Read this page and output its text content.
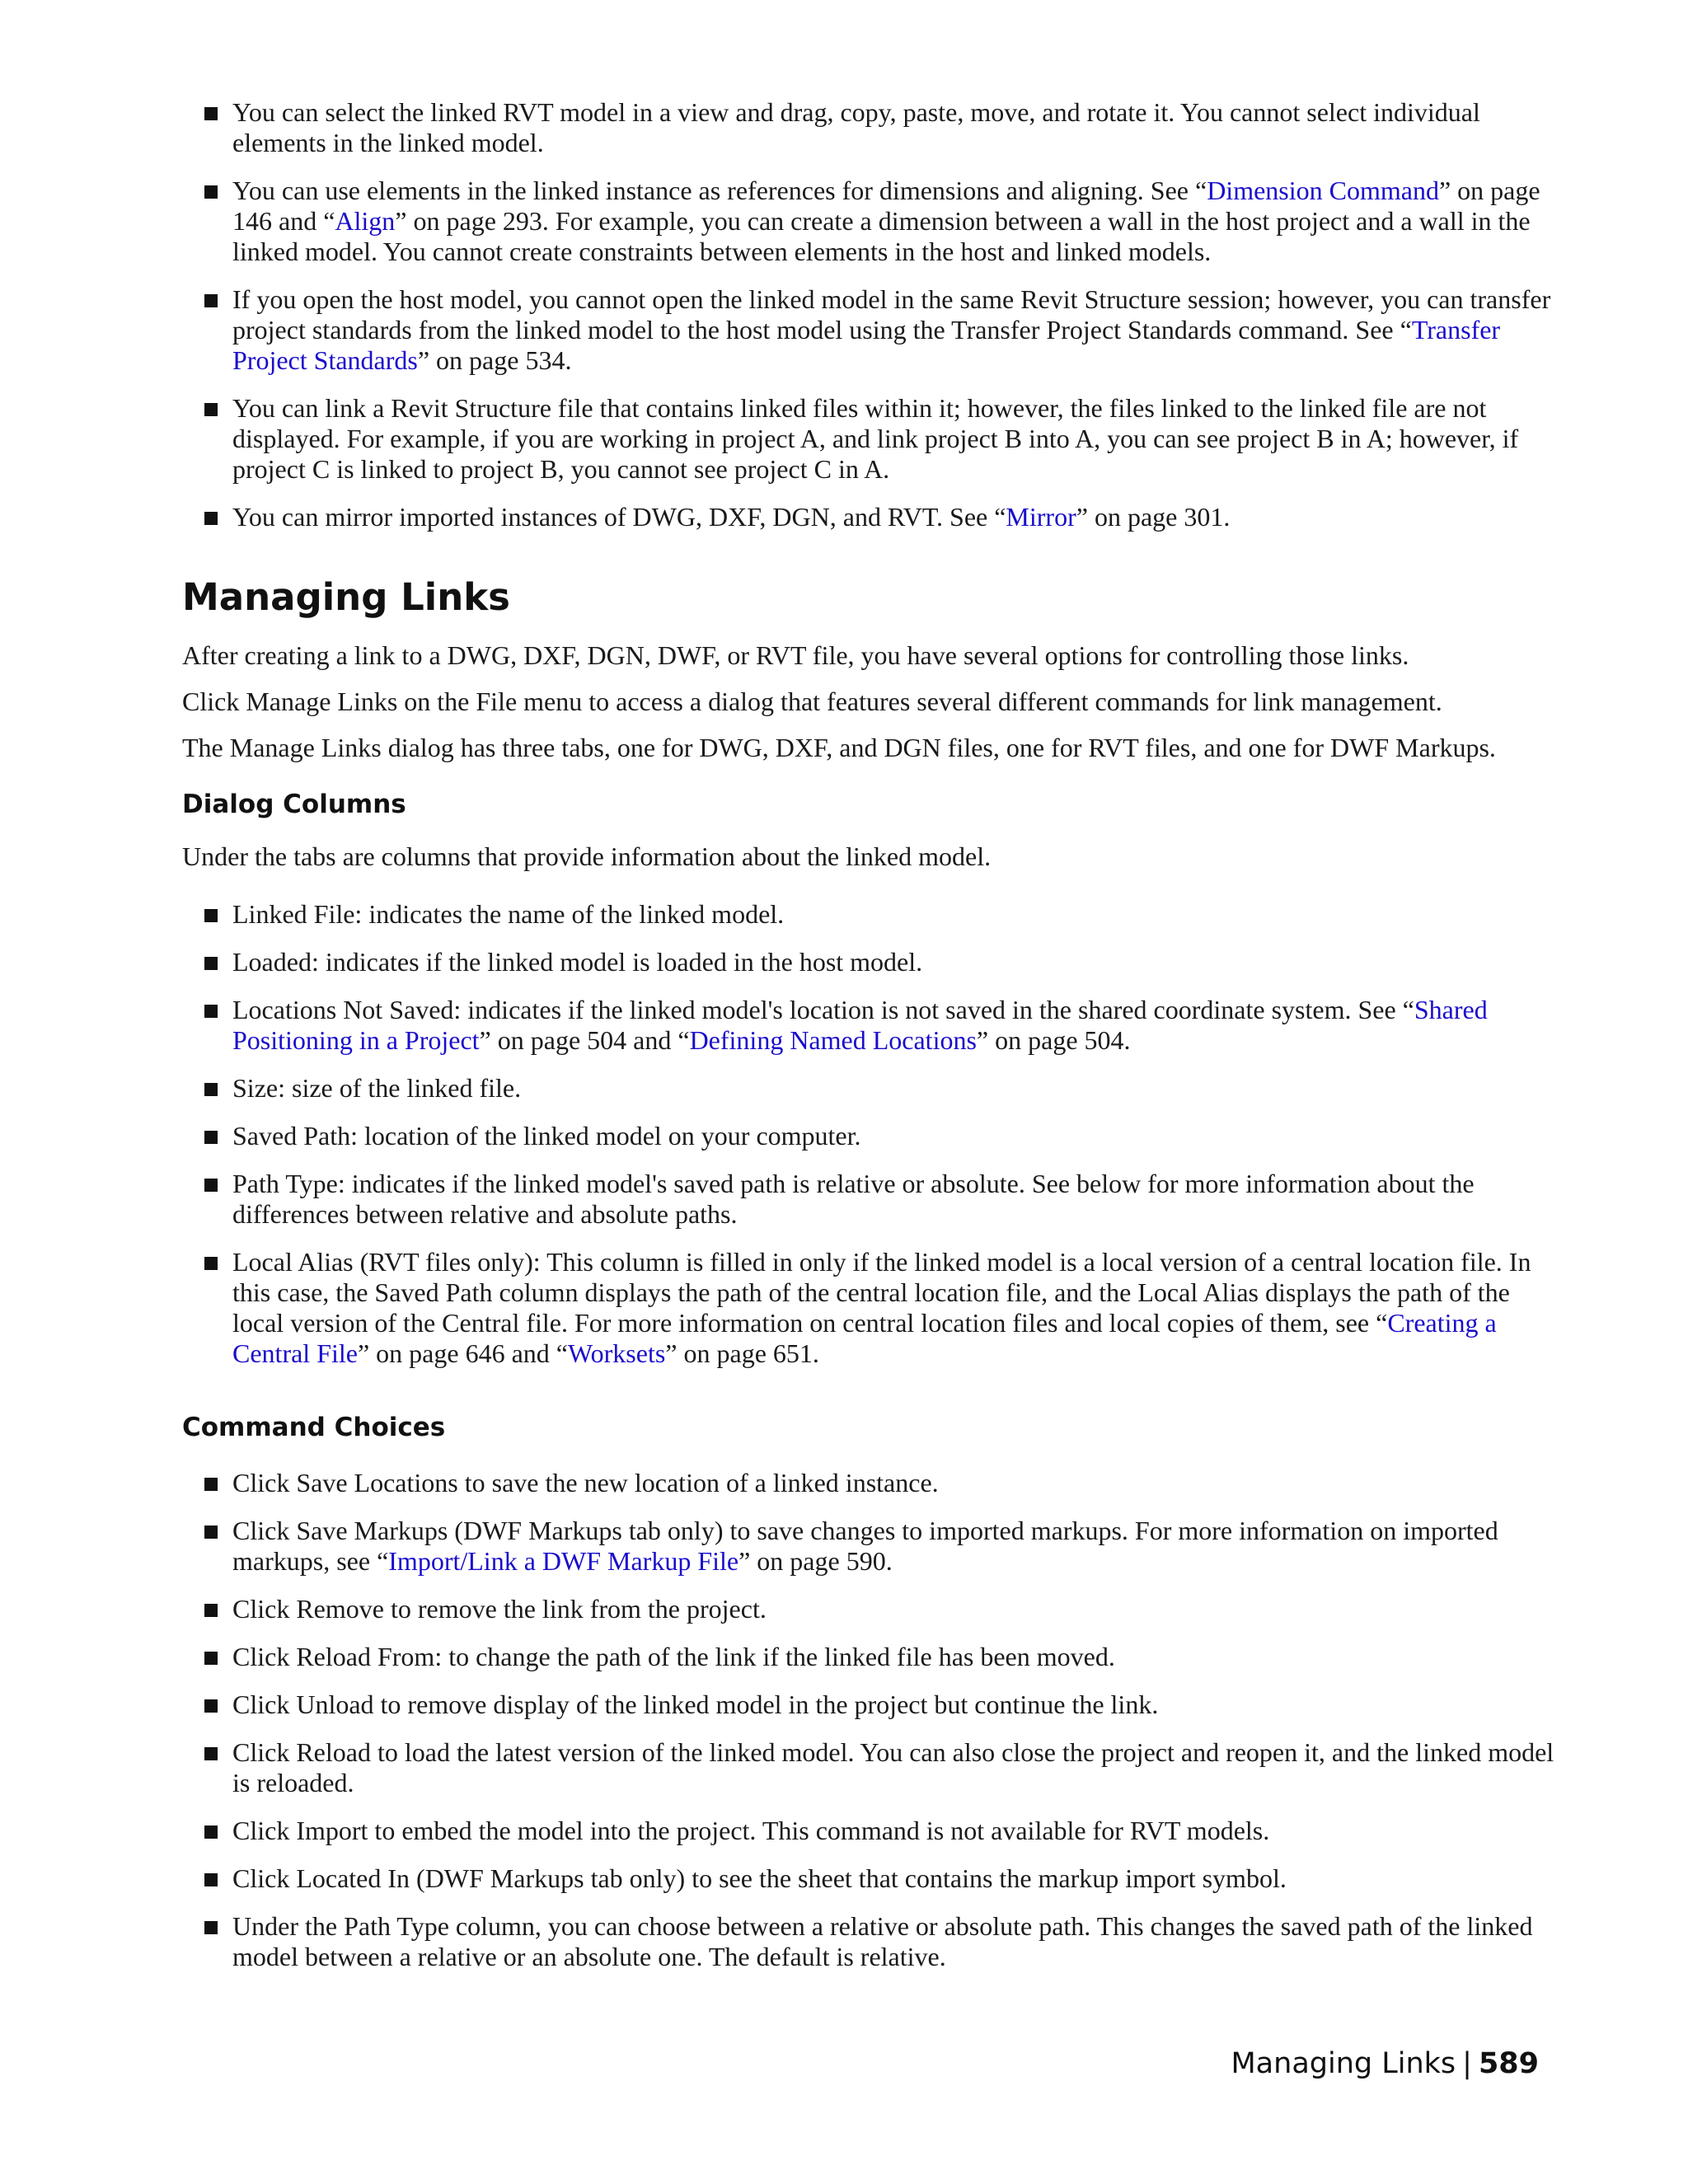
You can select the linked RVT model in a view and drag, copy, paste, move, and rotate it. You cannot select individual elements in the linked model.
You can use elements in the linked instance as references for dimensions and aligning. See “Dimension Command” on page 146 and “Align” on page 293. For example, you can create a dimension between a wall in the host project and a wall in the linked model. You cannot create constraints between elements in the host and linked models.
If you open the host model, you cannot open the linked model in the same Revit Structure session; however, you can transfer project standards from the linked model to the host model using the Transfer Project Standards command. See “Transfer Project Standards” on page 534.
You can link a Revit Structure file that contains linked files within it; however, the files linked to the linked file are not displayed. For example, if you are working in project A, and link project B into A, you can see project B in A; however, if project C is linked to project B, you cannot see project C in A.
You can mirror imported instances of DWG, DXF, DGN, and RVT. See “Mirror” on page 301.
Managing Links

After creating a link to a DWG, DXF, DGN, DWF, or RVT file, you have several options for controlling those links.

Click Manage Links on the File menu to access a dialog that features several different commands for link management.

The Manage Links dialog has three tabs, one for DWG, DXF, and DGN files, one for RVT files, and one for DWF Markups.

Dialog Columns

Under the tabs are columns that provide information about the linked model.

Linked File: indicates the name of the linked model.
Loaded: indicates if the linked model is loaded in the host model.
Locations Not Saved: indicates if the linked model's location is not saved in the shared coordinate system. See “Shared Positioning in a Project” on page 504 and “Defining Named Locations” on page 504.
Size: size of the linked file.
Saved Path: location of the linked model on your computer.
Path Type: indicates if the linked model's saved path is relative or absolute. See below for more information about the differences between relative and absolute paths.
Local Alias (RVT files only): This column is filled in only if the linked model is a local version of a central location file. In this case, the Saved Path column displays the path of the central location file, and the Local Alias displays the path of the local version of the Central file. For more information on central location files and local copies of them, see “Creating a Central File” on page 646 and “Worksets” on page 651.
Command Choices
Click Save Locations to save the new location of a linked instance.
Click Save Markups (DWF Markups tab only) to save changes to imported markups. For more information on imported markups, see “Import/Link a DWF Markup File” on page 590.
Click Remove to remove the link from the project.
Click Reload From: to change the path of the link if the linked file has been moved.
Click Unload to remove display of the linked model in the project but continue the link.
Click Reload to load the latest version of the linked model. You can also close the project and reopen it, and the linked model is reloaded.
Click Import to embed the model into the project. This command is not available for RVT models.
Click Located In (DWF Markups tab only) to see the sheet that contains the markup import symbol.
Under the Path Type column, you can choose between a relative or absolute path. This changes the saved path of the linked model between a relative or an absolute one. The default is relative.
Managing Links | 589
